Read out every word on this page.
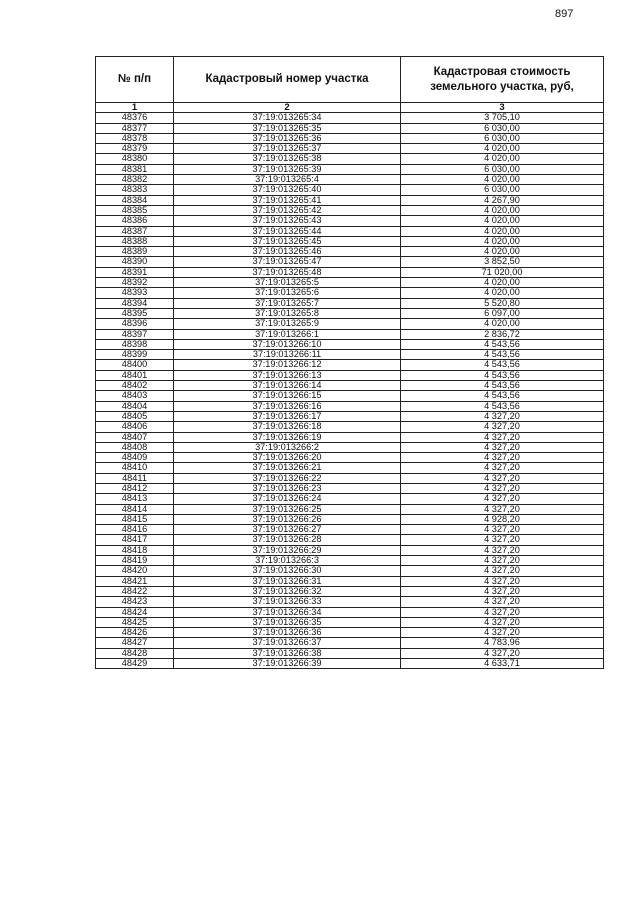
897
№ п/п	Кадастровый номер участка	Кадастровая стоимость земельного участка, руб,
1	2	3
48376	37:19:013265:34	3 705,10
48377	37:19:013265:35	6 030,00
48378	37:19:013265:36	6 030,00
48379	37:19:013265:37	4 020,00
48380	37:19:013265:38	4 020,00
48381	37:19:013265:39	6 030,00
48382	37:19:013265:4	4 020,00
48383	37:19:013265:40	6 030,00
48384	37:19:013265:41	4 267,90
48385	37:19:013265:42	4 020,00
48386	37:19:013265:43	4 020,00
48387	37:19:013265:44	4 020,00
48388	37:19:013265:45	4 020,00
48389	37:19:013265:46	4 020,00
48390	37:19:013265:47	3 852,50
48391	37:19:013265:48	71 020,00
48392	37:19:013265:5	4 020,00
48393	37:19:013265:6	4 020,00
48394	37:19:013265:7	5 520,80
48395	37:19:013265:8	6 097,00
48396	37:19:013265:9	4 020,00
48397	37:19:013266:1	2 836,72
48398	37:19:013266:10	4 543,56
48399	37:19:013266:11	4 543,56
48400	37:19:013266:12	4 543,56
48401	37:19:013266:13	4 543,56
48402	37:19:013266:14	4 543,56
48403	37:19:013266:15	4 543,56
48404	37:19:013266:16	4 543,56
48405	37:19:013266:17	4 327,20
48406	37:19:013266:18	4 327,20
48407	37:19:013266:19	4 327,20
48408	37:19:013266:2	4 327,20
48409	37:19:013266:20	4 327,20
48410	37:19:013266:21	4 327,20
48411	37:19:013266:22	4 327,20
48412	37:19:013266:23	4 327,20
48413	37:19:013266:24	4 327,20
48414	37:19:013266:25	4 327,20
48415	37:19:013266:26	4 928,20
48416	37:19:013266:27	4 327,20
48417	37:19:013266:28	4 327,20
48418	37:19:013266:29	4 327,20
48419	37:19:013266:3	4 327,20
48420	37:19:013266:30	4 327,20
48421	37:19:013266:31	4 327,20
48422	37:19:013266:32	4 327,20
48423	37:19:013266:33	4 327,20
48424	37:19:013266:34	4 327,20
48425	37:19:013266:35	4 327,20
48426	37:19:013266:36	4 327,20
48427	37:19:013266:37	4 783,96
48428	37:19:013266:38	4 327,20
48429	37:19:013266:39	4 633,71
